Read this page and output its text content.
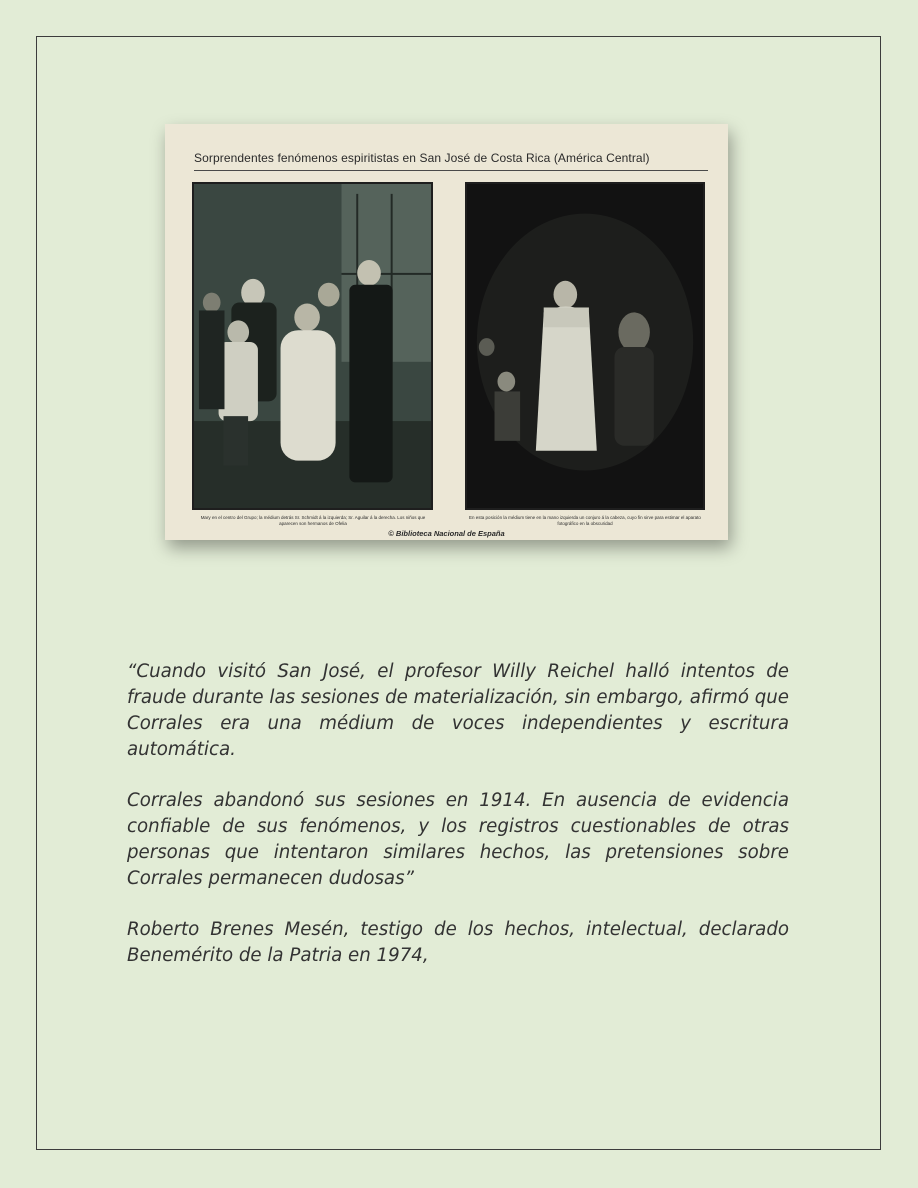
Sorprendentes fenómenos espiritistas en San José de Costa Rica (América Central)
Mary en el centro del Grupo; la médium detrás Sr. Schmidt á la izquierda; Sr. Aguilar á la derecha. Los niños que aparecen son hermanos de Ofelia
En esta posición la médium tiene en la mano izquierda un conjuro á la cabeza, cuyo fin sirve para estimar el aparato fotográfico en la obscuridad
© Biblioteca Nacional de España

“Cuando visitó San José, el profesor Willy Reichel halló intentos de fraude durante las sesiones de materialización, sin embargo, afirmó que Corrales era una médium de voces independientes y escritura automática.

Corrales abandonó sus sesiones en 1914. En ausencia de evidencia confiable de sus fenómenos, y los registros cuestionables de otras personas que intentaron similares hechos, las pretensiones sobre Corrales permanecen dudosas”

Roberto Brenes Mesén, testigo de los hechos, intelectual, declarado Benemérito de la Patria en 1974,
